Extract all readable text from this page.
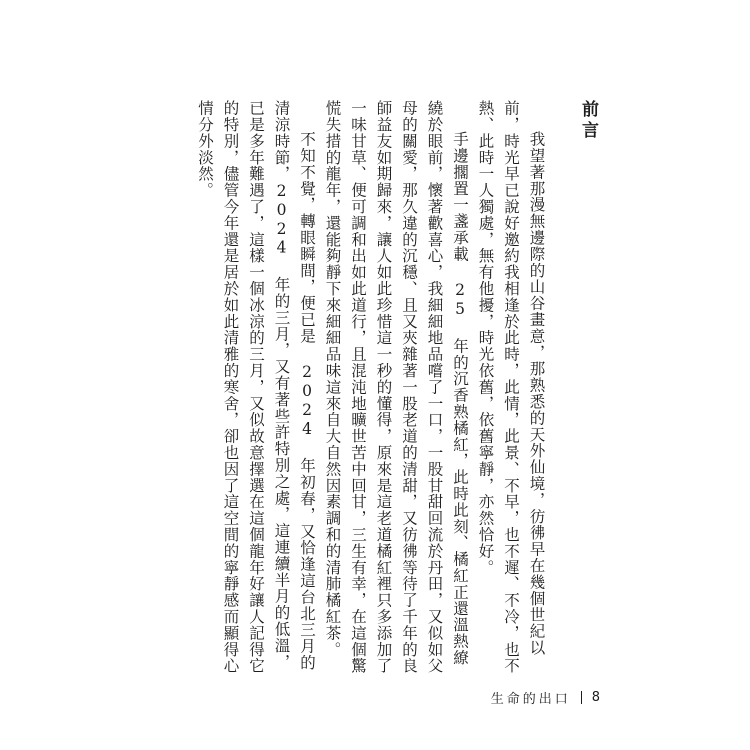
前言

我望著那漫無邊際的山谷畫意，那熟悉的天外仙境，彷彿早在幾個世紀以前，時光早已說好邀約我相逢於此時，此情，此景、不早，也不遲、不冷，也不熱、此時一人獨處，無有他擾，時光依舊，依舊寧靜，亦然恰好。

手邊擱置一盞承載 25 年的沉香熟橘紅，此時此刻、橘紅正還溫熱繚繞於眼前，懷著歡喜心，我細細地品嚐了一口，一股甘甜回流於丹田，又似如父母的關愛，那久違的沉穩、且又夾雜著一股老道的清甜，又彷彿等待了千年的良師益友如期歸來，讓人如此珍惜這一秒的懂得，原來是這老道橘紅裡只多添加了一味甘草、便可調和出如此道行，且混沌地曠世苦中回甘，三生有幸，在這個驚慌失措的龍年，還能夠靜下來細細品味這來自大自然因素調和的清肺橘紅茶。

不知不覺，轉眼瞬間，便已是 2024 年初春，又恰逢這台北三月的清涼時節，2024 年的三月，又有著些許特別之處，這連續半月的低溫，已是多年難遇了，這樣一個冰涼的三月，又似故意擇選在這個龍年好讓人記得它的特別，儘管今年還是居於如此清雅的寒舍，卻也因了這空間的寧靜感而顯得心情分外淡然。

生命的出口 8
